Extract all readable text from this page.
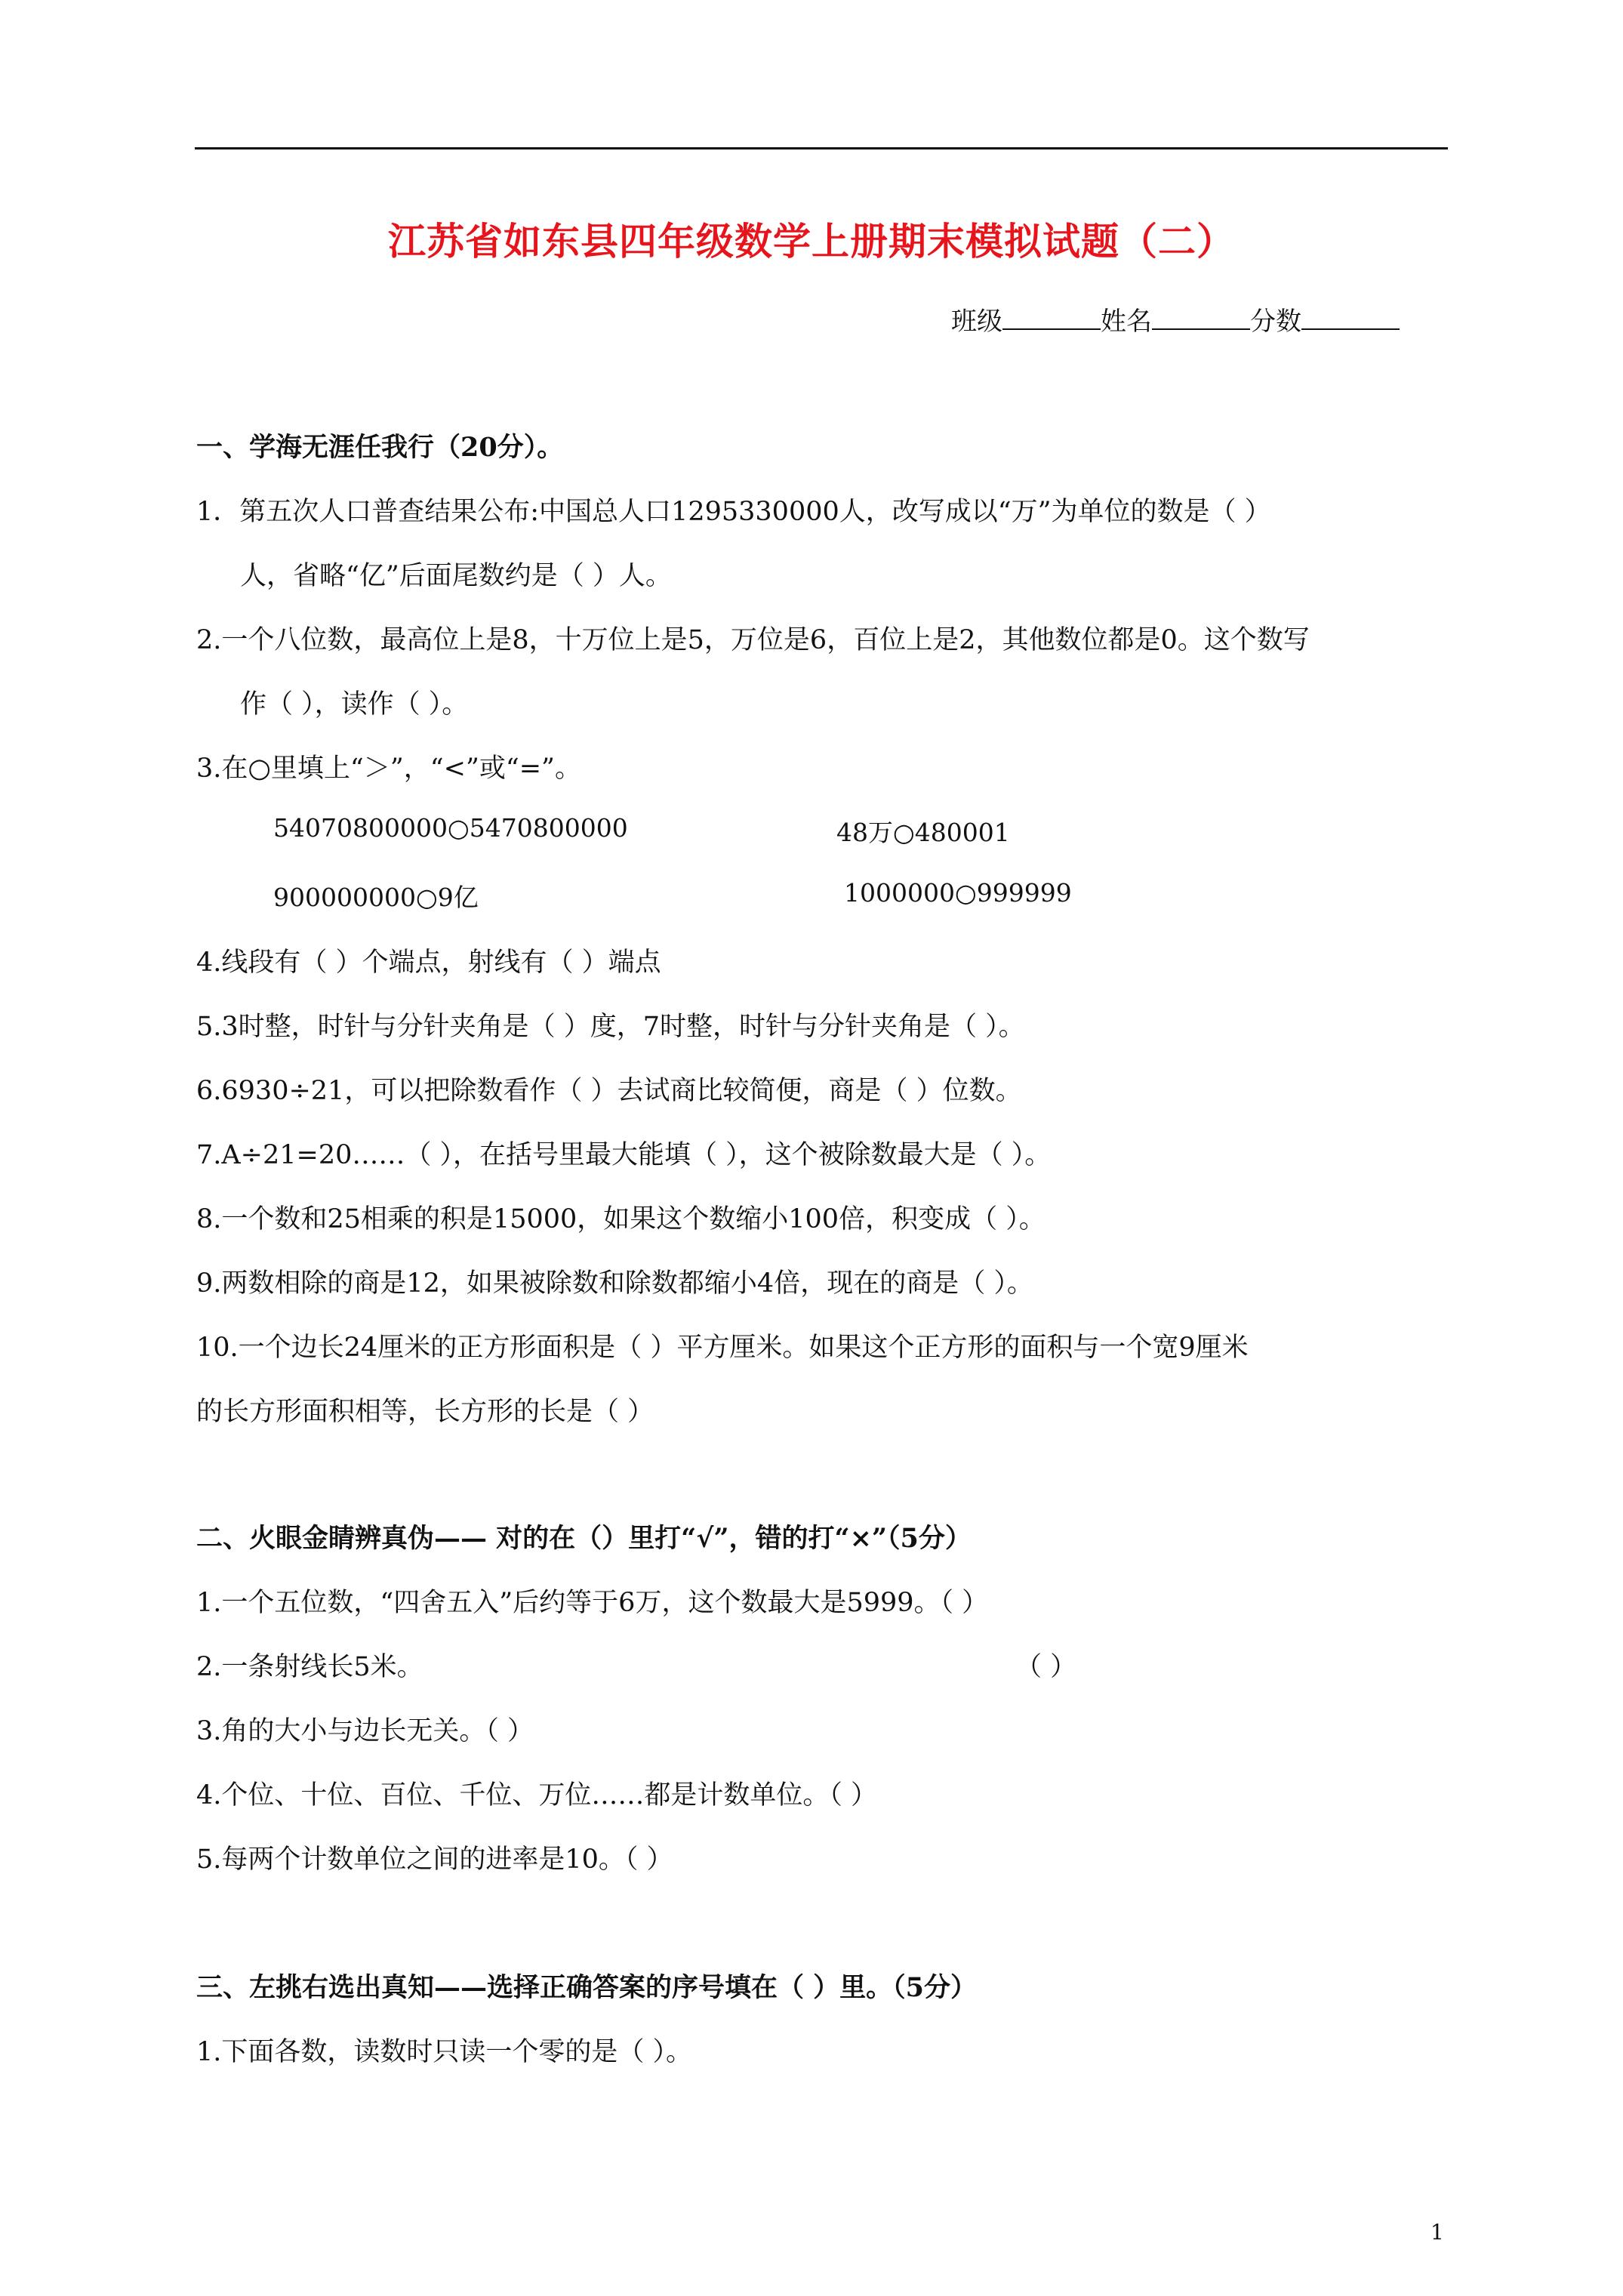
江苏省如东县四年级数学上册期末模拟试题（二）
班级	姓名	分数
一、学海无涯任我行（20分）。
1．第五次人口普查结果公布:中国总人口1295330000人，改写成以“万”为单位的数是（ ）
人，省略“亿”后面尾数约是（ ）人。
2.一个八位数，最高位上是8，十万位上是5，万位是6，百位上是2，其他数位都是0。这个数写
作（ ），读作（ ）。
3.在○里填上“＞”，“<”或“=”。
54070800000○5470800000	48万○480001
900000000○9亿	1000000○999999
4.线段有（ ）个端点，射线有（ ）端点
5.3时整，时针与分针夹角是（ ）度，7时整，时针与分针夹角是（ ）。
6.6930÷21，可以把除数看作（ ）去试商比较简便，商是（ ）位数。
7.A÷21=20……（ ），在括号里最大能填（ ），这个被除数最大是（ ）。
8.一个数和25相乘的积是15000，如果这个数缩小100倍，积变成（ ）。
9.两数相除的商是12，如果被除数和除数都缩小4倍，现在的商是（ ）。
10.一个边长24厘米的正方形面积是（ ）平方厘米。如果这个正方形的面积与一个宽9厘米
的长方形面积相等，长方形的长是（ ）
二、火眼金睛辨真伪—— 对的在（）里打“√”，错的打“×”（5分）
1.一个五位数，“四舍五入”后约等于6万，这个数最大是5999。（ ）
2.一条射线长5米。	（ ）
3.角的大小与边长无关。（ ）
4.个位、十位、百位、千位、万位……都是计数单位。（ ）
5.每两个计数单位之间的进率是10。（ ）
三、左挑右选出真知——选择正确答案的序号填在（ ）里。（5分）
1.下面各数，读数时只读一个零的是（ ）。
1
